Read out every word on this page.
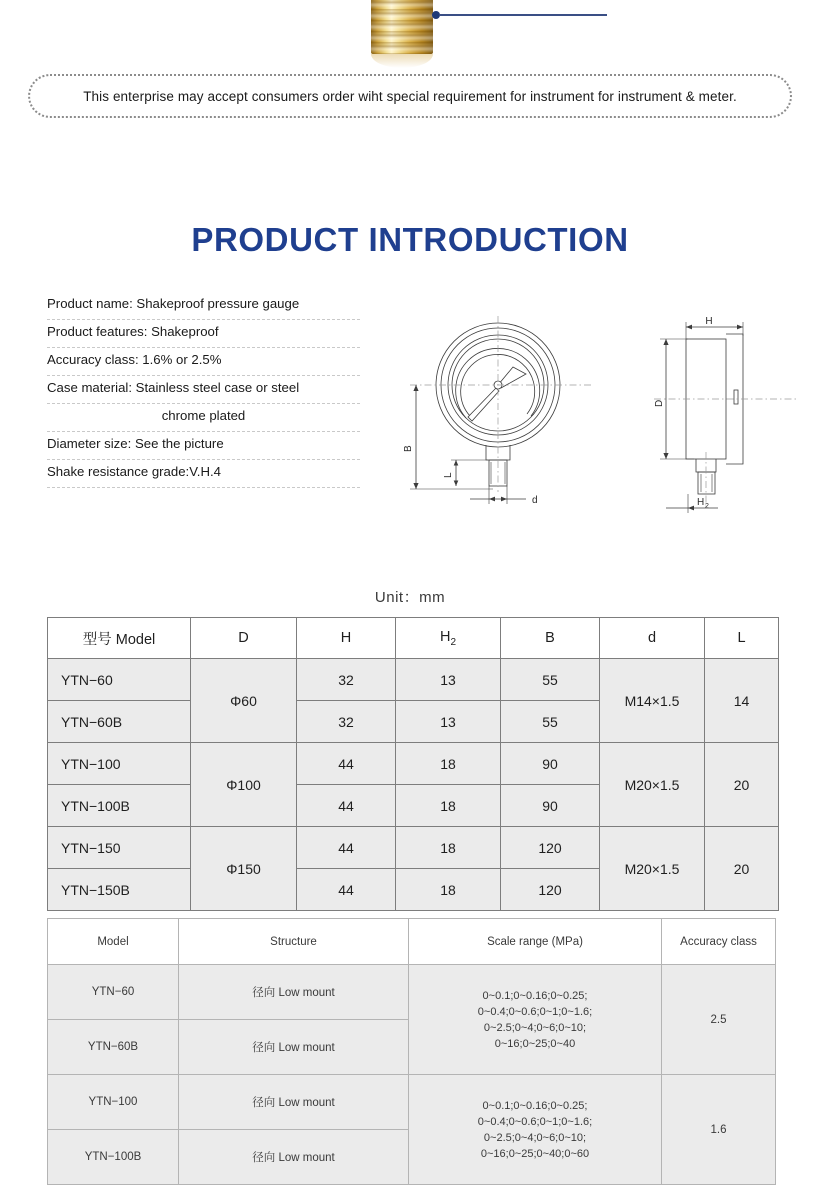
This enterprise may accept consumers order wiht special requirement for instrument for instrument & meter.
PRODUCT INTRODUCTION
Product name: Shakeproof pressure gauge
Product features: Shakeproof
Accuracy class: 1.6% or 2.5%
Case material: Stainless steel case or steel
chrome plated
Diameter size: See the picture
Shake resistance grade:V.H.4
B
L
d
H
D
H 2
Unit：mm
型号 Model	D	H	$H_2$	B	d	L
YTN−60	Φ60	32	13	55	M14×1.5	14
YTN−60B		32	13	55		
YTN−100	Φ100	44	18	90	M20×1.5	20
YTN−100B		44	18	90		
YTN−150	Φ150	44	18	120	M20×1.5	20
YTN−150B		44	18	120		
Model	Structure	Scale range (MPa)	Accuracy class
YTN−60	径向 Low mount	0~0.1;0~0.16;0~0.25;
0~0.4;0~0.6;0~1;0~1.6;
0~2.5;0~4;0~6;0~10;
0~16;0~25;0~40	2.5
YTN−60B	径向 Low mount		
YTN−100	径向 Low mount	0~0.1;0~0.16;0~0.25;
0~0.4;0~0.6;0~1;0~1.6;
0~2.5;0~4;0~6;0~10;
0~16;0~25;0~40;0~60	1.6
YTN−100B	径向 Low mount		
